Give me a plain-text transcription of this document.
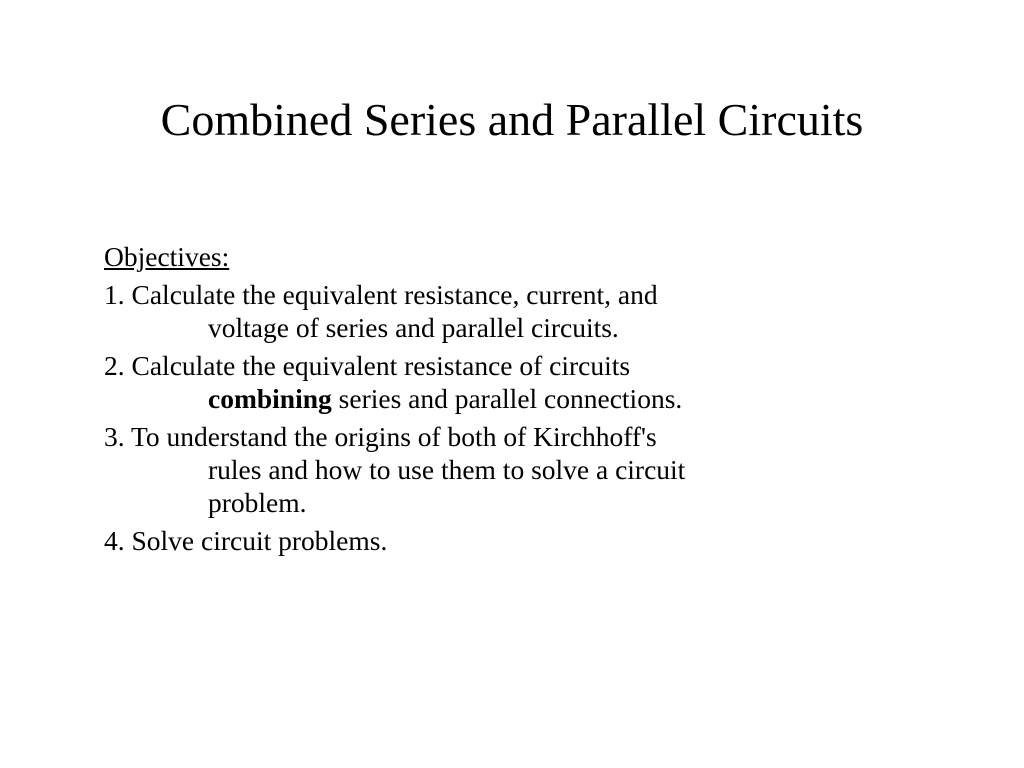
Combined Series and Parallel Circuits
Objectives:
1. Calculate the equivalent resistance, current, and
voltage of series and parallel circuits.
2. Calculate the equivalent resistance of circuits
combining series and parallel connections.
3. To understand the origins of both of Kirchhoff's
rules and how to use them to solve a circuit
problem.
4. Solve circuit problems.
